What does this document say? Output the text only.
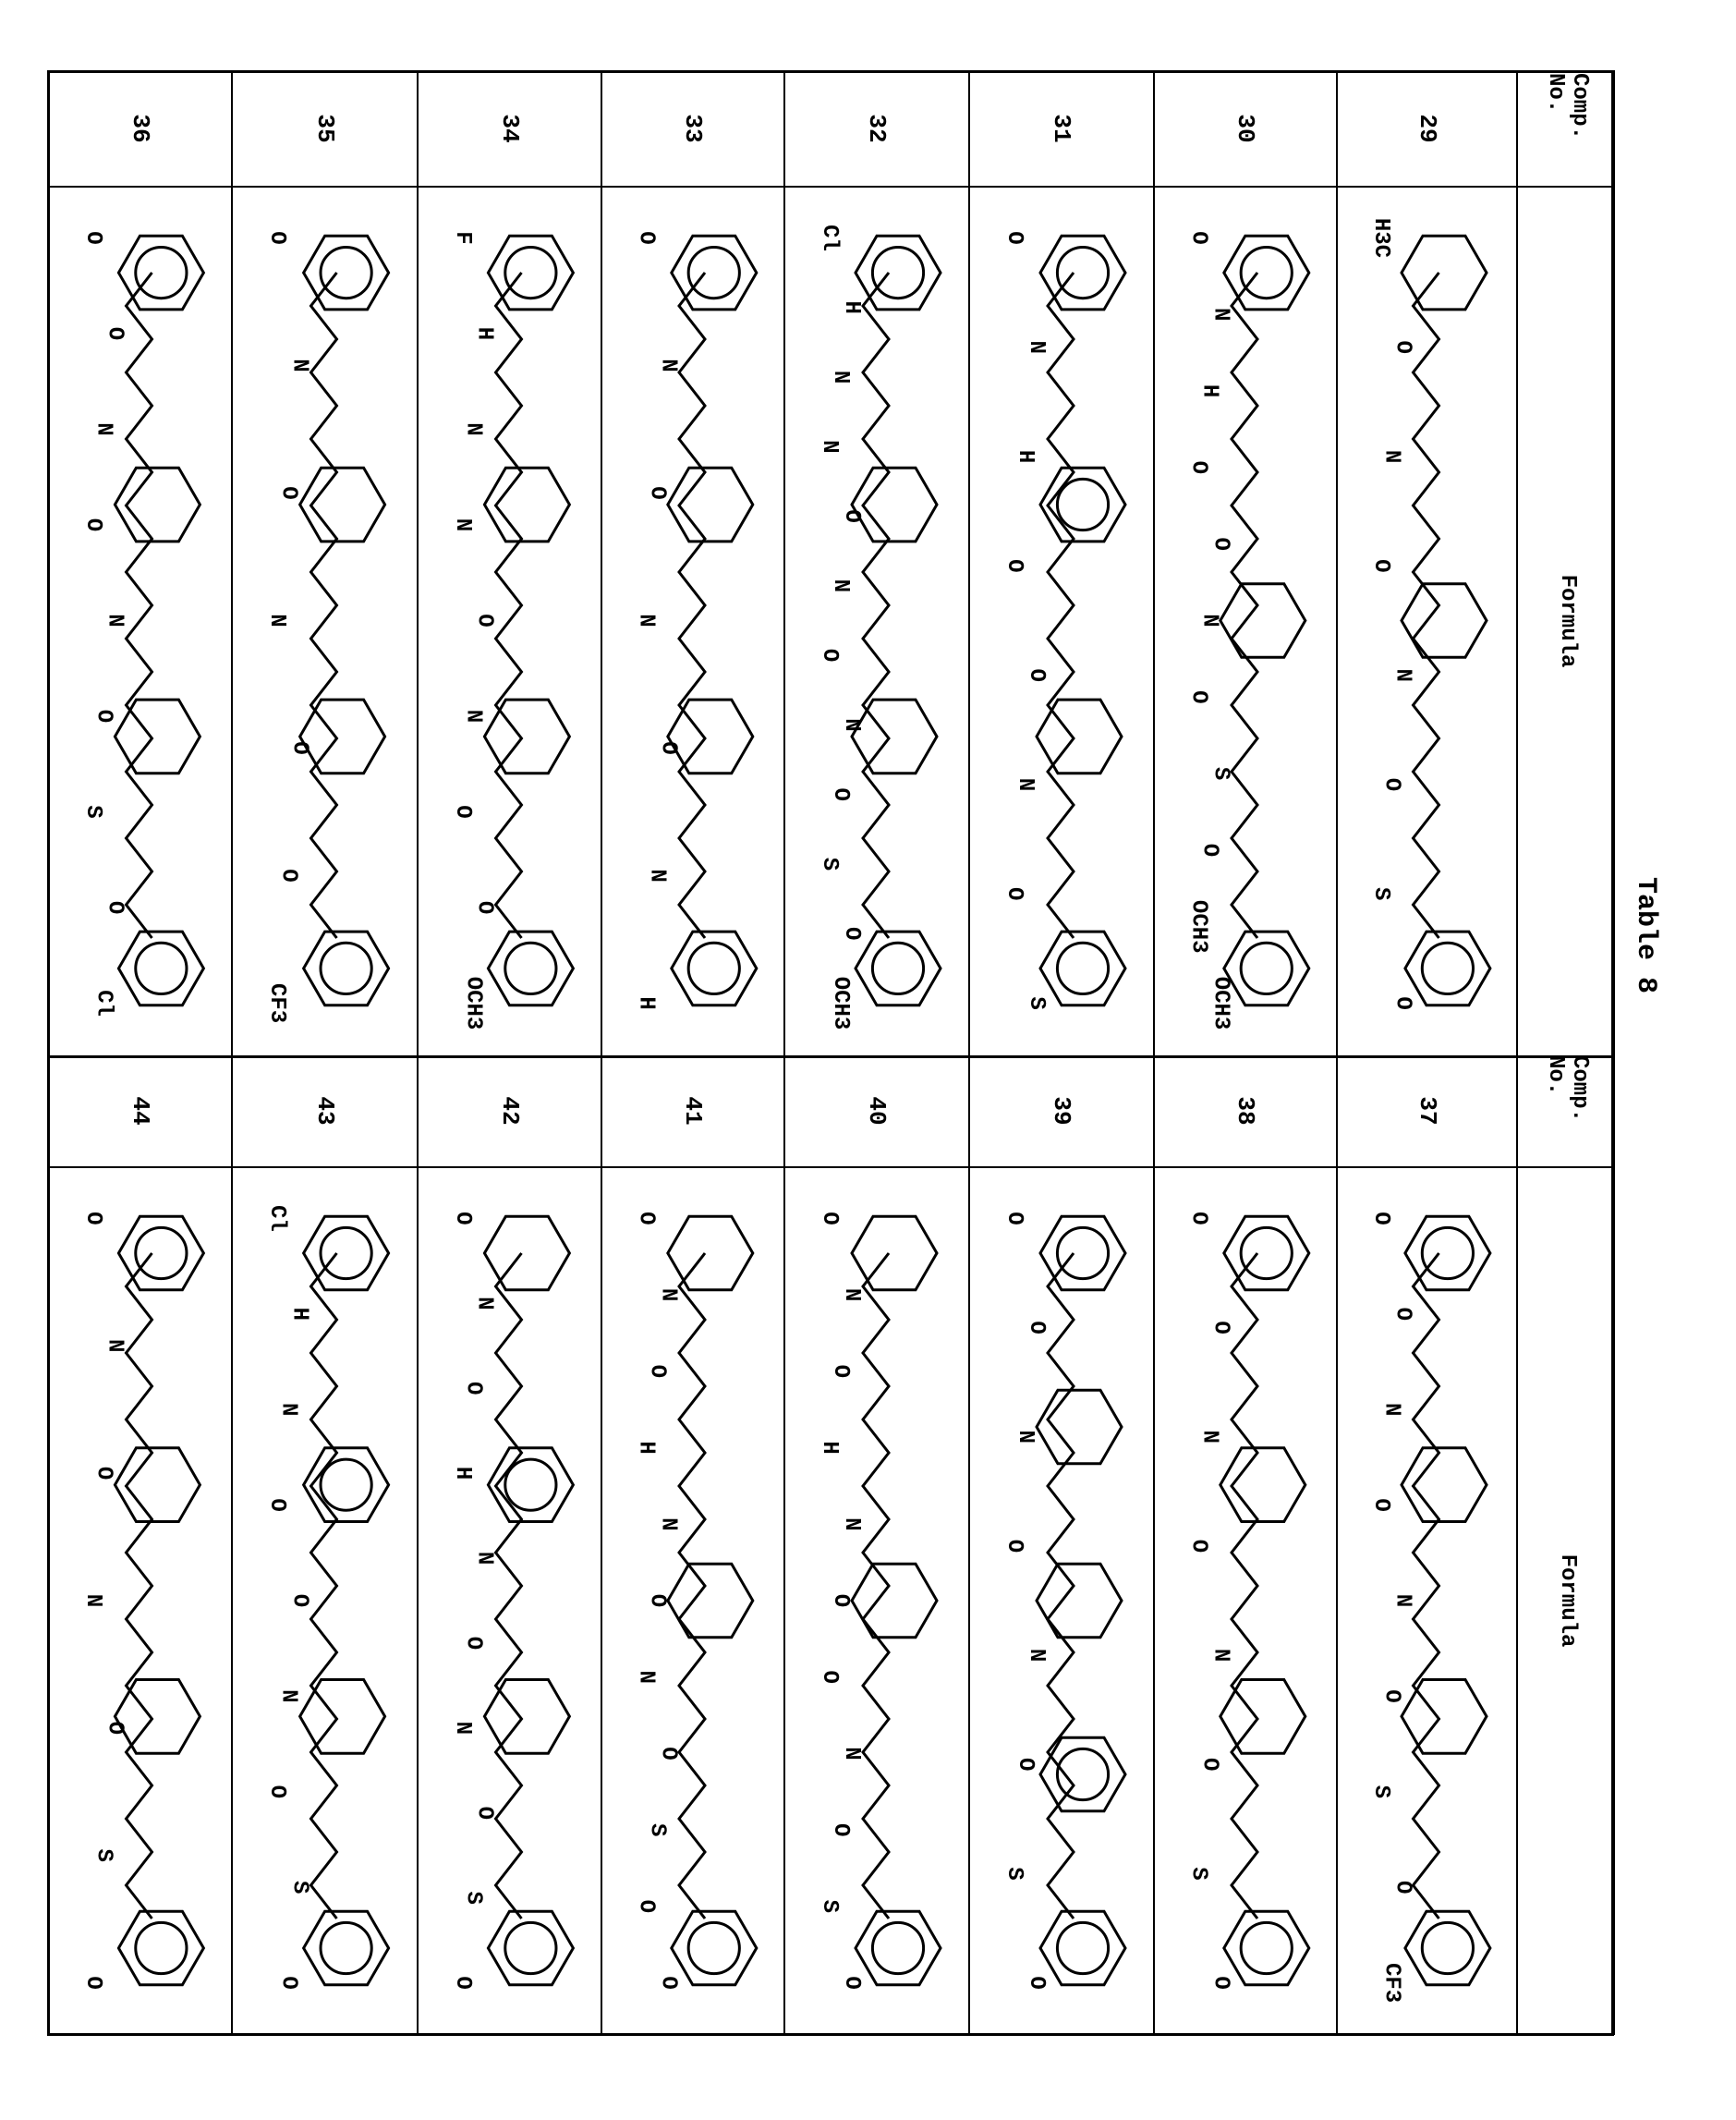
Table 8
Comp.
No.
Comp.
No.
Formula
Formula
29
H3C
O
N
O
N
O
S
O
30
O
N
H
O
O
N
O
S
O
OCH3
OCH3
31
O
N
H
O
O
N
O
S
32
Cl
H
N
N
O
N
O
N
O
S
O
OCH3
33
O
N
O
N
O
N
H
34
F
H
N
N
O
N
O
O
OCH3
35
O
N
O
N
O
O
CF3
36
O
O
N
O
N
O
S
O
Cl
37
O
O
N
O
N
O
S
O
CF3
38
O
O
N
O
N
O
S
O
39
O
O
N
O
N
O
S
O
40
O
N
O
H
N
O
O
N
O
S
O
41
O
N
O
H
N
O
N
O
S
O
O
42
O
N
O
H
N
O
N
O
S
O
43
Cl
H
N
O
O
N
O
S
O
44
O
N
O
N
O
S
O
